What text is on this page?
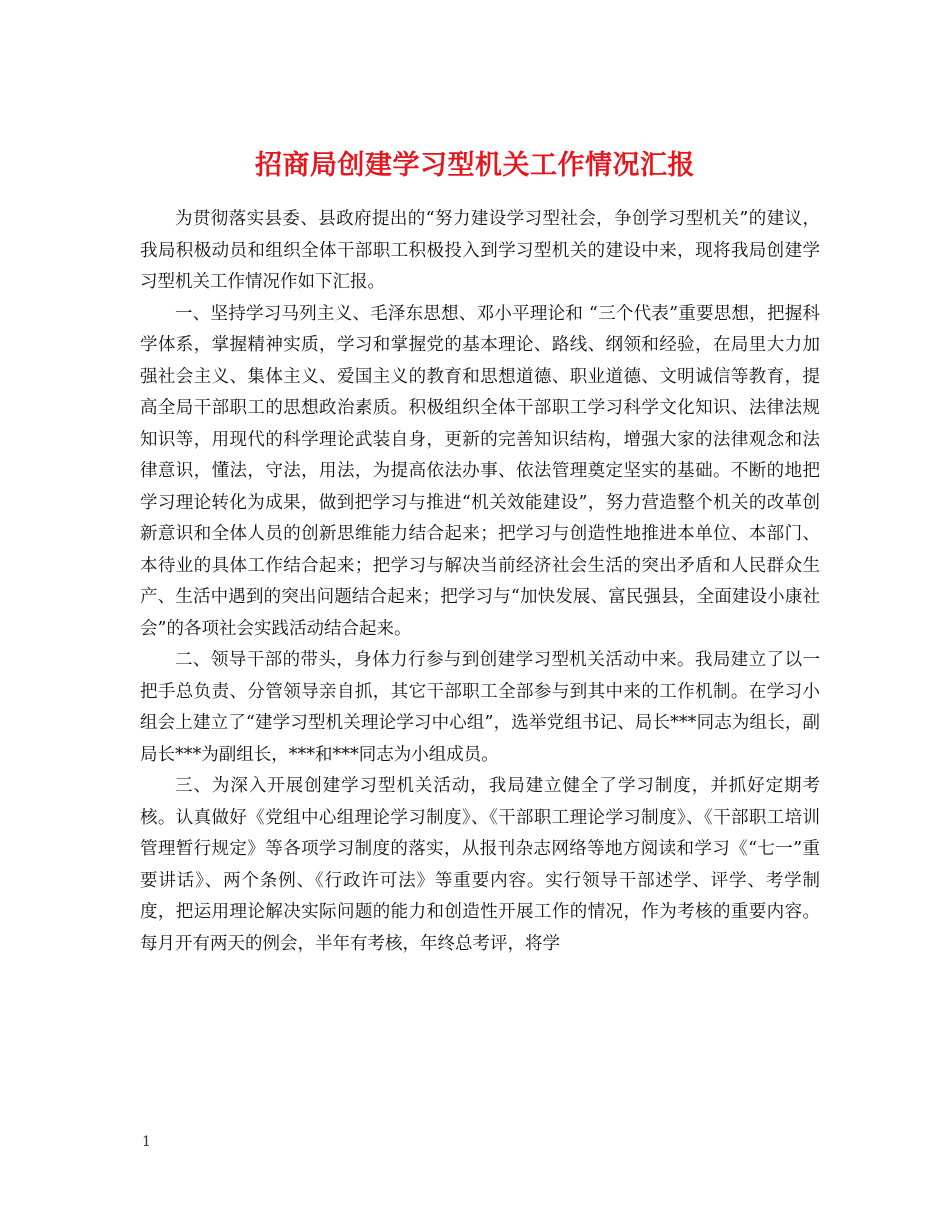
招商局创建学习型机关工作情况汇报

为贯彻落实县委、县政府提出的“努力建设学习型社会，争创学习型机关”的建议，我局积极动员和组织全体干部职工积极投入到学习型机关的建设中来，现将我局创建学习型机关工作情况作如下汇报。

一、坚持学习马列主义、毛泽东思想、邓小平理论和 “三个代表”重要思想，把握科学体系，掌握精神实质，学习和掌握党的基本理论、路线、纲领和经验，在局里大力加强社会主义、集体主义、爱国主义的教育和思想道德、职业道德、文明诚信等教育，提高全局干部职工的思想政治素质。积极组织全体干部职工学习科学文化知识、法律法规知识等，用现代的科学理论武装自身，更新的完善知识结构，增强大家的法律观念和法律意识，懂法，守法，用法，为提高依法办事、依法管理奠定坚实的基础。不断的地把学习理论转化为成果，做到把学习与推进“机关效能建设”，努力营造整个机关的改革创新意识和全体人员的创新思维能力结合起来；把学习与创造性地推进本单位、本部门、本待业的具体工作结合起来；把学习与解决当前经济社会生活的突出矛盾和人民群众生产、生活中遇到的突出问题结合起来；把学习与“加快发展、富民强县，全面建设小康社会”的各项社会实践活动结合起来。

二、领导干部的带头，身体力行参与到创建学习型机关活动中来。我局建立了以一把手总负责、分管领导亲自抓，其它干部职工全部参与到其中来的工作机制。在学习小组会上建立了“建学习型机关理论学习中心组”，选举党组书记、局长***同志为组长，副局长***为副组长，***和***同志为小组成员。

三、为深入开展创建学习型机关活动，我局建立健全了学习制度，并抓好定期考核。认真做好《党组中心组理论学习制度》、《干部职工理论学习制度》、《干部职工培训管理暂行规定》等各项学习制度的落实，从报刊杂志网络等地方阅读和学习《“七一”重要讲话》、两个条例、《行政许可法》等重要内容。实行领导干部述学、评学、考学制度，把运用理论解决实际问题的能力和创造性开展工作的情况，作为考核的重要内容。每月开有两天的例会，半年有考核，年终总考评，将学

1
